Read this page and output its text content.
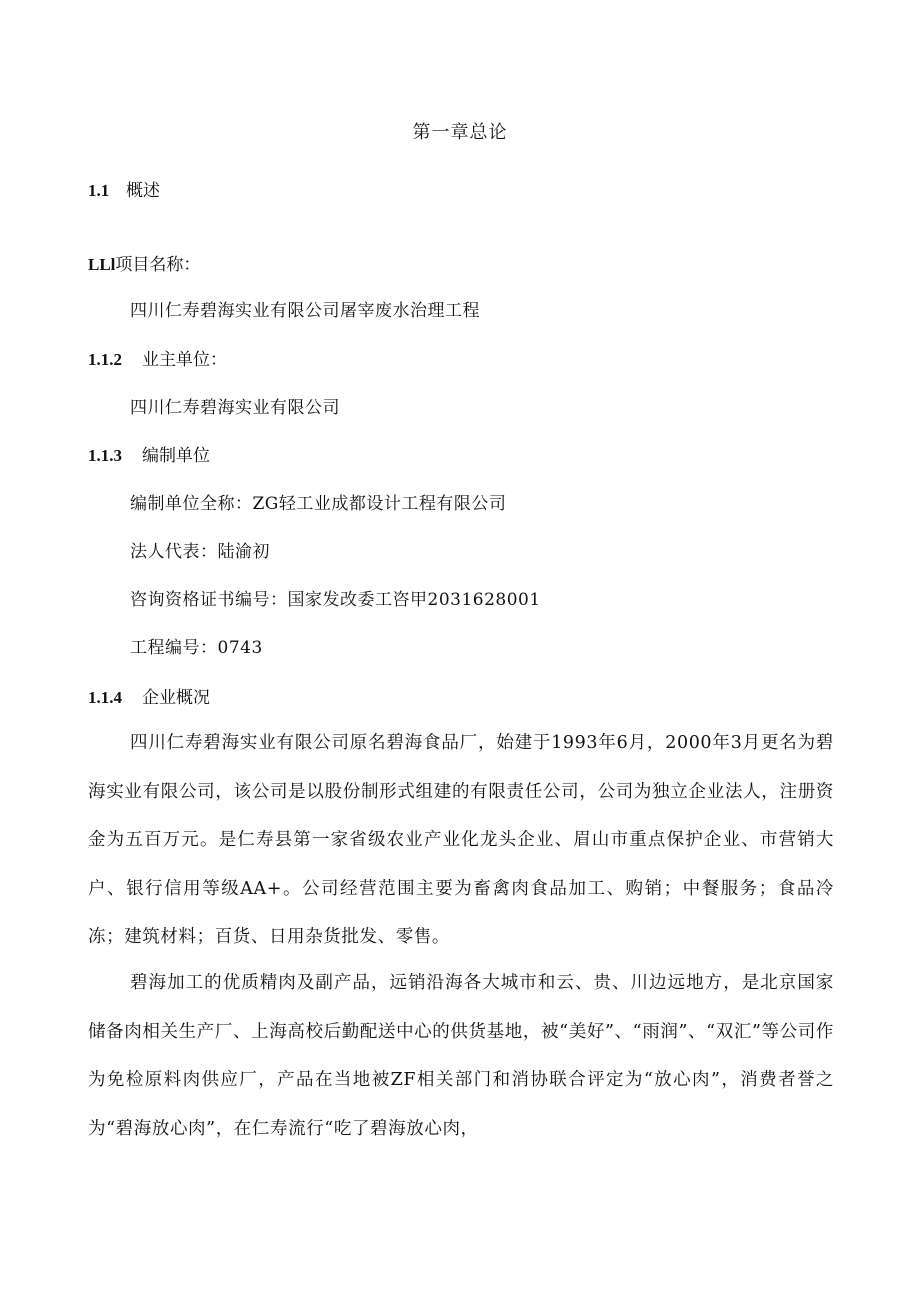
第一章总论
1.1 概述
LLl项目名称：
四川仁寿碧海实业有限公司屠宰废水治理工程
1.1.2 业主单位：
四川仁寿碧海实业有限公司
1.1.3 编制单位
编制单位全称：ZG轻工业成都设计工程有限公司
法人代表：陆渝初
咨询资格证书编号：国家发改委工咨甲2031628001
工程编号：0743
1.1.4 企业概况

四川仁寿碧海实业有限公司原名碧海食品厂，始建于1993年6月，2000年3月更名为碧海实业有限公司，该公司是以股份制形式组建的有限责任公司，公司为独立企业法人，注册资金为五百万元。是仁寿县第一家省级农业产业化龙头企业、眉山市重点保护企业、市营销大户、银行信用等级AA+。公司经营范围主要为畜禽肉食品加工、购销；中餐服务；食品冷冻；建筑材料；百货、日用杂货批发、零售。

碧海加工的优质精肉及副产品，远销沿海各大城市和云、贵、川边远地方，是北京国家储备肉相关生产厂、上海高校后勤配送中心的供货基地，被“美好”、“雨润”、“双汇”等公司作为免检原料肉供应厂，产品在当地被ZF相关部门和消协联合评定为“放心肉”，消费者誉之为“碧海放心肉”，在仁寿流行“吃了碧海放心肉，
